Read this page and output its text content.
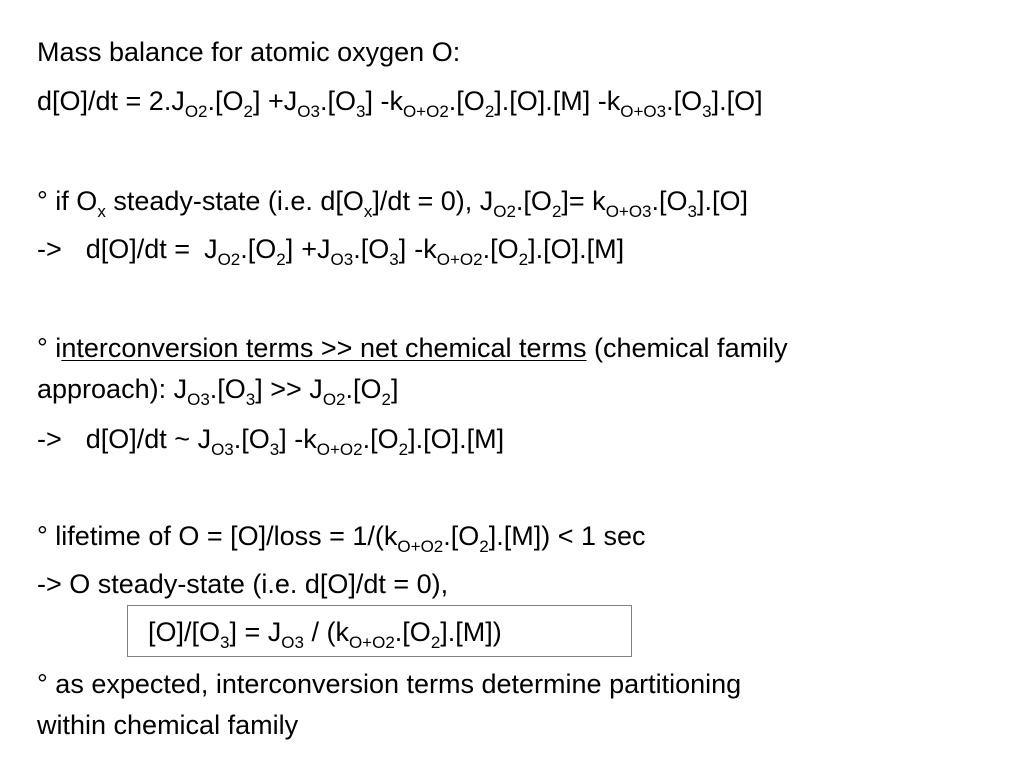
Mass balance for atomic oxygen O:
$d[O]/dt = 2.J_{O2}.[O_2] +J_{O3}.[O_3]$ $-k_{O+O2}.[O_2].[O].[M]$ $-k_{O+O3}.[O_3].[O]$
° if $O_x$ steady-state (i.e. $d[O_x]/dt = 0$), $J_{O2}.[O_2]= k_{O+O3}.[O_3].[O]$
-> $d[O]/dt = J_{O2}.[O_2] +J_{O3}.[O_3]$ $-k_{O+O2}.[O_2].[O].[M]$
° interconversion terms >> net chemical terms (chemical family
approach): $J_{O3}.[O_3] >> J_{O2}.[O_2]$
-> d[O]/dt ~ $J_{O3}.[O_3]$ $-k_{O+O2}.[O_2].[O].[M]$
° lifetime of O = [O]/loss = $1/(k_{O+O2}.[O_2].[M]) < 1$ sec
-> O steady-state (i.e. d[O]/dt = 0),
$[O]/[O_3] = J_{O3} / (k_{O+O2}.[O_2].[M])$
° as expected, interconversion terms determine partitioning
within chemical family
